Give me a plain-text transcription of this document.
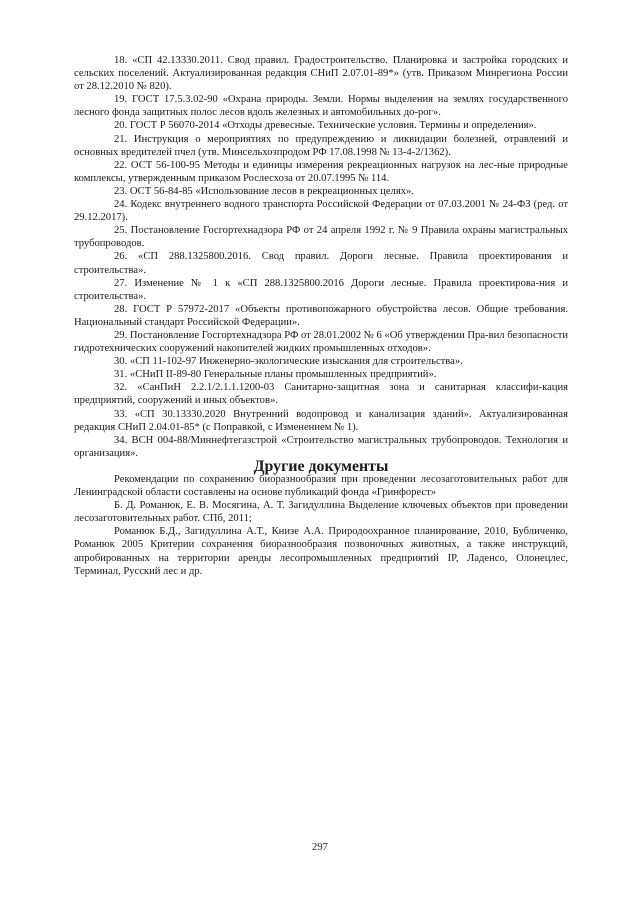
18. «СП 42.13330.2011. Свод правил. Градостроительство. Планировка и застройка городских и сельских поселений. Актуализированная редакция СНиП 2.07.01-89*» (утв. Приказом Минрегиона России от 28.12.2010 № 820).

19. ГОСТ 17.5.3.02-90 «Охрана природы. Земли. Нормы выделения на землях государственного лесного фонда защитных полос лесов вдоль железных и автомобильных до-рог».

20. ГОСТ Р 56070-2014 «Отходы древесные. Технические условия. Термины и определения».

21. Инструкция о мероприятиях по предупреждению и ликвидации болезней, отравлений и основных вредителей пчел (утв. Минсельхозпродом РФ 17.08.1998 № 13-4-2/1362).

22. ОСТ 56-100-95 Методы и единицы измерения рекреационных нагрузок на лес-ные природные комплексы, утвержденным приказом Рослесхоза от 20.07.1995 № 114.

23. ОСТ 56-84-85 «Использование лесов в рекреационных целях».

24. Кодекс внутреннего водного транспорта Российской Федерации от 07.03.2001 № 24-ФЗ (ред. от 29.12.2017).

25. Постановление Госгортехнадзора РФ от 24 апреля 1992 г. № 9 Правила охраны магистральных трубопроводов.

26. «СП 288.1325800.2016. Свод правил. Дороги лесные. Правила проектирования и строительства».

27. Изменение № 1 к «СП 288.1325800.2016 Дороги лесные. Правила проектирова-ния и строительства».

28. ГОСТ Р 57972-2017 «Объекты противопожарного обустройства лесов. Общие требования. Национальный стандарт Российской Федерации».

29. Постановление Госгортехнадзора РФ от 28.01.2002 № 6 «Об утверждении Пра-вил безопасности гидротехнических сооружений накопителей жидких промышленных отходов».

30. «СП 11-102-97 Инженерно-экологические изыскания для строительства».

31. «СНиП II-89-80 Генеральные планы промышленных предприятий».

32. «СанПиН 2.2.1/2.1.1.1200-03 Санитарно-защитная зона и санитарная классифи-кация предприятий, сооружений и иных объектов».

33. «СП 30.13330.2020 Внутренний водопровод и канализация зданий». Актуализированная редакция СНиП 2.04.01-85* (с Поправкой, с Изменением № 1).

34. ВСН 004-88/Миннефтегазстрой «Строительство магистральных трубопроводов. Технология и организация».

Другие документы

Рекомендации по сохранению биоразнообразия при проведении лесозаготовительных работ для Ленинградской области составлены на основе публикаций фонда «Гринфорест»

Б. Д. Романюк, Е. В. Мосягина, А. Т. Загидуллина Выделение ключевых объектов при проведении лесозаготовительных работ. СПб, 2011;

Романюк Б.Д., Загидуллина А.Т., Книзе А.А. Природоохранное планирование, 2010, Бубличенко, Романюк 2005 Критерии сохранения биоразнообразия позвоночных животных, а также инструкций, апробированных на территории аренды лесопромышленных предприятий IP, Ладенсо, Олонецлес, Терминал, Русский лес и др.

297
